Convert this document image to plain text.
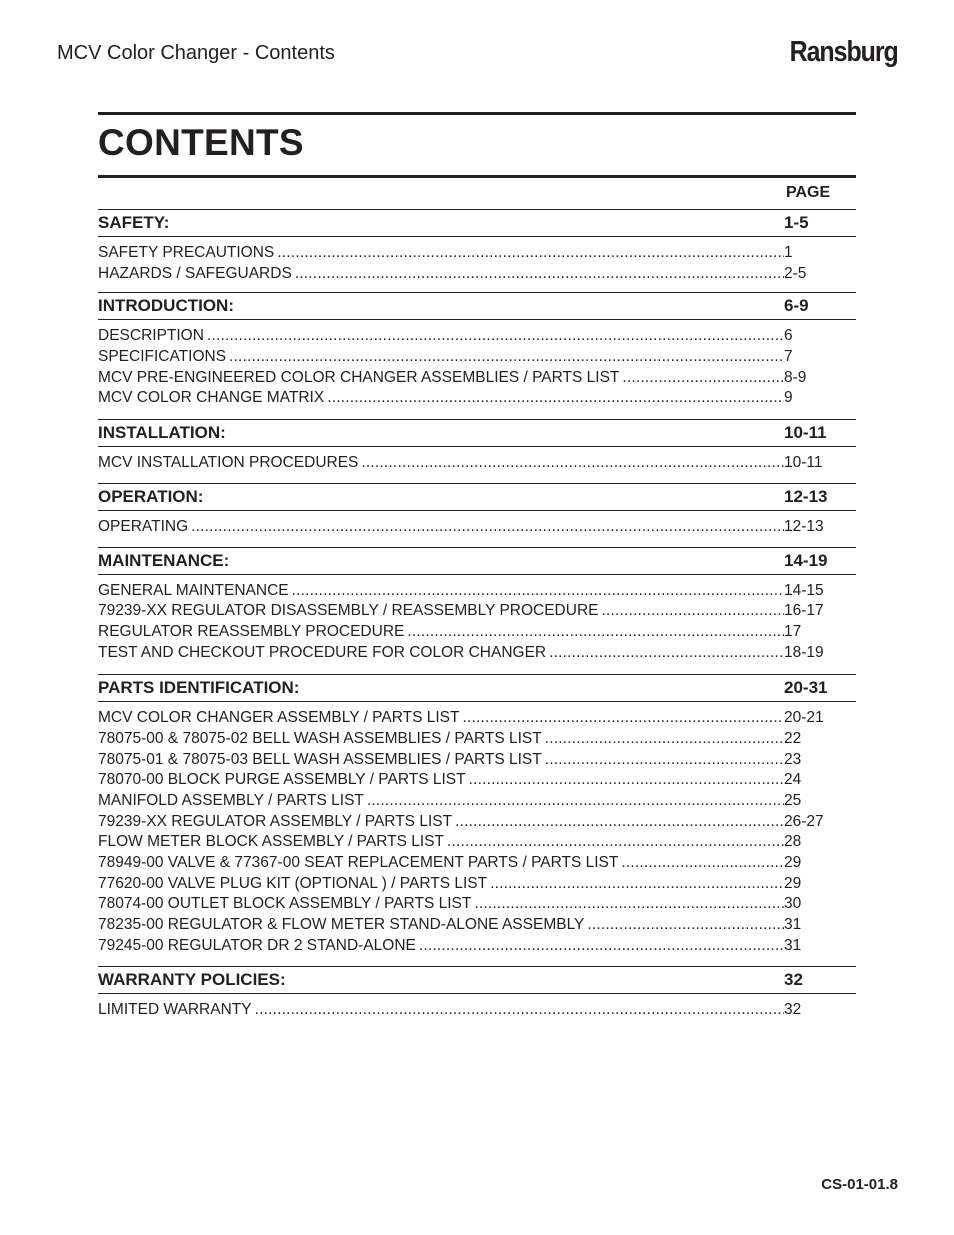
MCV Color Changer - Contents	Ransburg
CONTENTS
PAGE
SAFETY:	1-5
SAFETY PRECAUTIONS .....	1
HAZARDS / SAFEGUARDS .....	2-5
INTRODUCTION:	6-9
DESCRIPTION .....	6
SPECIFICATIONS .....	7
MCV PRE-ENGINEERED COLOR CHANGER ASSEMBLIES / PARTS LIST .....	8-9
MCV COLOR CHANGE MATRIX .....	9
INSTALLATION:	10-11
MCV INSTALLATION PROCEDURES .....	10-11
OPERATION:	12-13
OPERATING .....	12-13
MAINTENANCE:	14-19
GENERAL MAINTENANCE .....	14-15
79239-XX REGULATOR DISASSEMBLY / REASSEMBLY PROCEDURE .....	16-17
REGULATOR REASSEMBLY PROCEDURE .....	17
TEST AND CHECKOUT PROCEDURE FOR COLOR CHANGER .....	18-19
PARTS IDENTIFICATION:	20-31
MCV COLOR CHANGER ASSEMBLY / PARTS LIST .....	20-21
78075-00 & 78075-02 BELL WASH ASSEMBLIES / PARTS LIST .....	22
78075-01 & 78075-03 BELL WASH ASSEMBLIES / PARTS LIST .....	23
78070-00 BLOCK PURGE ASSEMBLY / PARTS LIST .....	24
MANIFOLD ASSEMBLY / PARTS LIST .....	25
79239-XX REGULATOR ASSEMBLY / PARTS LIST .....	26-27
FLOW METER BLOCK ASSEMBLY / PARTS LIST .....	28
78949-00 VALVE & 77367-00 SEAT REPLACEMENT PARTS / PARTS LIST .....	29
77620-00 VALVE PLUG KIT (OPTIONAL ) / PARTS LIST .....	29
78074-00 OUTLET BLOCK ASSEMBLY / PARTS LIST .....	30
78235-00 REGULATOR & FLOW METER STAND-ALONE ASSEMBLY .....	31
79245-00 REGULATOR DR 2 STAND-ALONE .....	31
WARRANTY POLICIES:	32
LIMITED WARRANTY .....	32
CS-01-01.8
